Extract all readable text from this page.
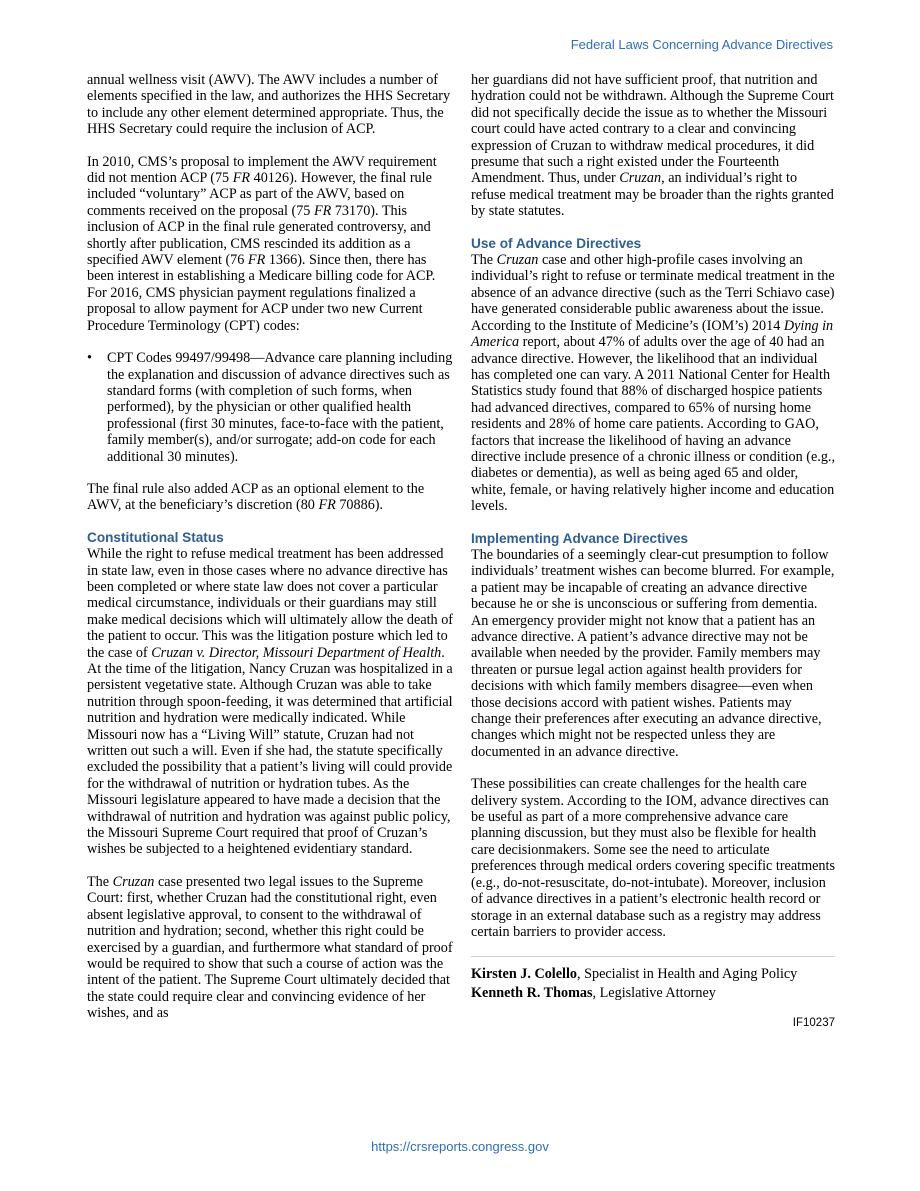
Federal Laws Concerning Advance Directives

annual wellness visit (AWV). The AWV includes a number of elements specified in the law, and authorizes the HHS Secretary to include any other element determined appropriate. Thus, the HHS Secretary could require the inclusion of ACP.

In 2010, CMS’s proposal to implement the AWV requirement did not mention ACP (75 FR 40126). However, the final rule included “voluntary” ACP as part of the AWV, based on comments received on the proposal (75 FR 73170). This inclusion of ACP in the final rule generated controversy, and shortly after publication, CMS rescinded its addition as a specified AWV element (76 FR 1366). Since then, there has been interest in establishing a Medicare billing code for ACP. For 2016, CMS physician payment regulations finalized a proposal to allow payment for ACP under two new Current Procedure Terminology (CPT) codes:

• CPT Codes 99497/99498—Advance care planning including the explanation and discussion of advance directives such as standard forms (with completion of such forms, when performed), by the physician or other qualified health professional (first 30 minutes, face-to-face with the patient, family member(s), and/or surrogate; add-on code for each additional 30 minutes).

The final rule also added ACP as an optional element to the AWV, at the beneficiary’s discretion (80 FR 70886).

Constitutional Status

While the right to refuse medical treatment has been addressed in state law, even in those cases where no advance directive has been completed or where state law does not cover a particular medical circumstance, individuals or their guardians may still make medical decisions which will ultimately allow the death of the patient to occur. This was the litigation posture which led to the case of Cruzan v. Director, Missouri Department of Health. At the time of the litigation, Nancy Cruzan was hospitalized in a persistent vegetative state. Although Cruzan was able to take nutrition through spoon-feeding, it was determined that artificial nutrition and hydration were medically indicated. While Missouri now has a “Living Will” statute, Cruzan had not written out such a will. Even if she had, the statute specifically excluded the possibility that a patient’s living will could provide for the withdrawal of nutrition or hydration tubes. As the Missouri legislature appeared to have made a decision that the withdrawal of nutrition and hydration was against public policy, the Missouri Supreme Court required that proof of Cruzan’s wishes be subjected to a heightened evidentiary standard.

The Cruzan case presented two legal issues to the Supreme Court: first, whether Cruzan had the constitutional right, even absent legislative approval, to consent to the withdrawal of nutrition and hydration; second, whether this right could be exercised by a guardian, and furthermore what standard of proof would be required to show that such a course of action was the intent of the patient. The Supreme Court ultimately decided that the state could require clear and convincing evidence of her wishes, and as

her guardians did not have sufficient proof, that nutrition and hydration could not be withdrawn. Although the Supreme Court did not specifically decide the issue as to whether the Missouri court could have acted contrary to a clear and convincing expression of Cruzan to withdraw medical procedures, it did presume that such a right existed under the Fourteenth Amendment. Thus, under Cruzan, an individual’s right to refuse medical treatment may be broader than the rights granted by state statutes.

Use of Advance Directives

The Cruzan case and other high-profile cases involving an individual’s right to refuse or terminate medical treatment in the absence of an advance directive (such as the Terri Schiavo case) have generated considerable public awareness about the issue. According to the Institute of Medicine’s (IOM’s) 2014 Dying in America report, about 47% of adults over the age of 40 had an advance directive. However, the likelihood that an individual has completed one can vary. A 2011 National Center for Health Statistics study found that 88% of discharged hospice patients had advanced directives, compared to 65% of nursing home residents and 28% of home care patients. According to GAO, factors that increase the likelihood of having an advance directive include presence of a chronic illness or condition (e.g., diabetes or dementia), as well as being aged 65 and older, white, female, or having relatively higher income and education levels.

Implementing Advance Directives

The boundaries of a seemingly clear-cut presumption to follow individuals’ treatment wishes can become blurred. For example, a patient may be incapable of creating an advance directive because he or she is unconscious or suffering from dementia. An emergency provider might not know that a patient has an advance directive. A patient’s advance directive may not be available when needed by the provider. Family members may threaten or pursue legal action against health providers for decisions with which family members disagree—even when those decisions accord with patient wishes. Patients may change their preferences after executing an advance directive, changes which might not be respected unless they are documented in an advance directive.

These possibilities can create challenges for the health care delivery system. According to the IOM, advance directives can be useful as part of a more comprehensive advance care planning discussion, but they must also be flexible for health care decisionmakers. Some see the need to articulate preferences through medical orders covering specific treatments (e.g., do-not-resuscitate, do-not-intubate). Moreover, inclusion of advance directives in a patient’s electronic health record or storage in an external database such as a registry may address certain barriers to provider access.

Kirsten J. Colello, Specialist in Health and Aging Policy
Kenneth R. Thomas, Legislative Attorney
IF10237
https://crsreports.congress.gov
